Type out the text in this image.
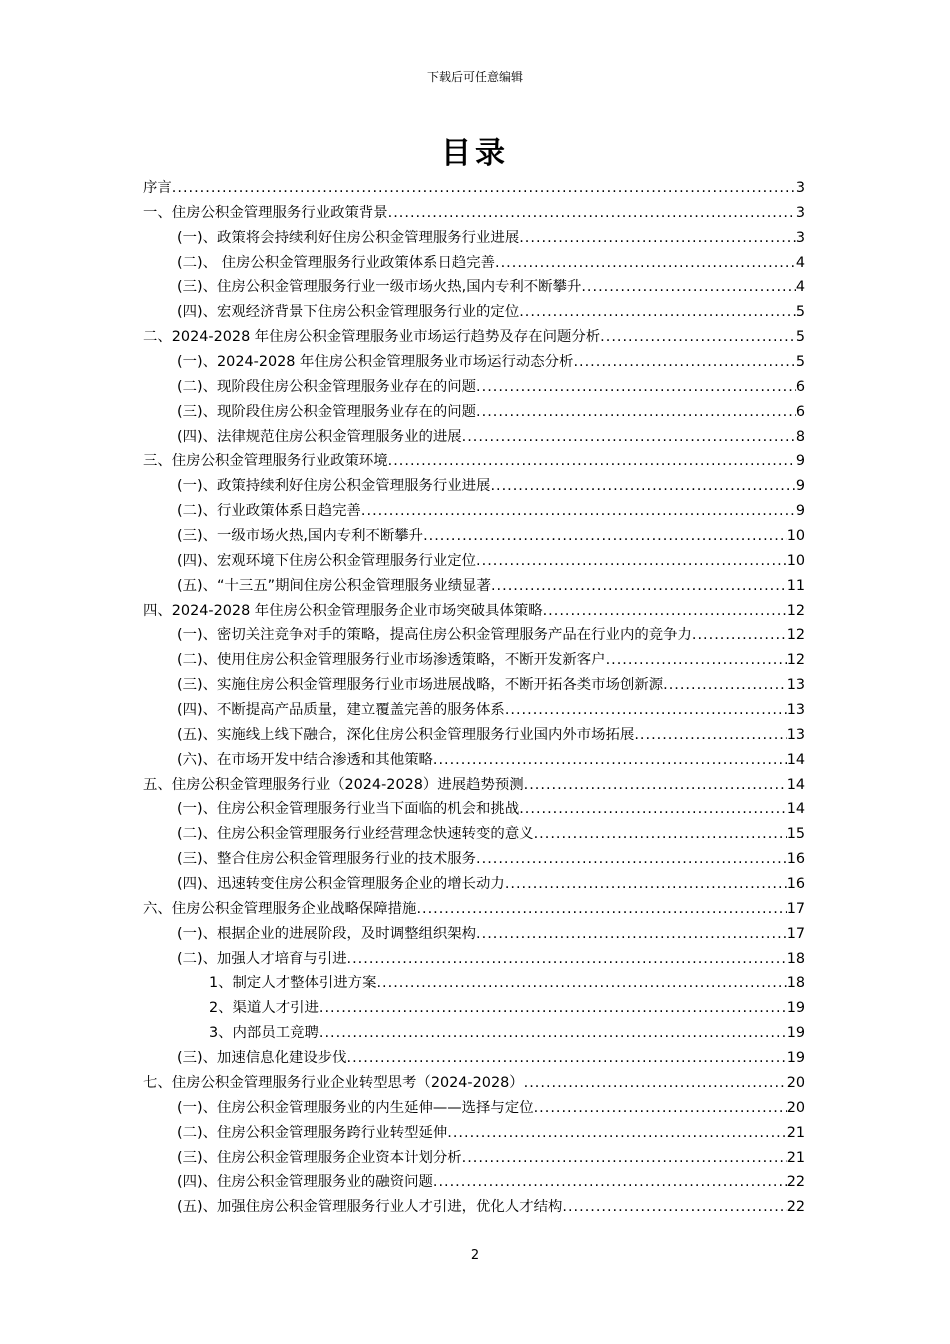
下载后可任意编辑
目录
序言 .....	3
一、住房公积金管理服务行业政策背景 .....	3
(一)、政策将会持续利好住房公积金管理服务行业进展 .....	3
(二)、 住房公积金管理服务行业政策体系日趋完善 .....	4
(三)、住房公积金管理服务行业一级市场火热,国内专利不断攀升 .....	4
(四)、宏观经济背景下住房公积金管理服务行业的定位 .....	5
二、2024-2028 年住房公积金管理服务业市场运行趋势及存在问题分析 .....	5
(一)、2024-2028 年住房公积金管理服务业市场运行动态分析 .....	5
(二)、现阶段住房公积金管理服务业存在的问题 .....	6
(三)、现阶段住房公积金管理服务业存在的问题 .....	6
(四)、法律规范住房公积金管理服务业的进展 .....	8
三、住房公积金管理服务行业政策环境 .....	9
(一)、政策持续利好住房公积金管理服务行业进展 .....	9
(二)、行业政策体系日趋完善 .....	9
(三)、一级市场火热,国内专利不断攀升 .....	10
(四)、宏观环境下住房公积金管理服务行业定位 .....	10
(五)、“十三五”期间住房公积金管理服务业绩显著 .....	11
四、2024-2028 年住房公积金管理服务企业市场突破具体策略 .....	12
(一)、密切关注竞争对手的策略，提高住房公积金管理服务产品在行业内的竞争力 .....	12
(二)、使用住房公积金管理服务行业市场渗透策略，不断开发新客户 .....	12
(三)、实施住房公积金管理服务行业市场进展战略，不断开拓各类市场创新源 .....	13
(四)、不断提高产品质量，建立覆盖完善的服务体系 .....	13
(五)、实施线上线下融合，深化住房公积金管理服务行业国内外市场拓展 .....	13
(六)、在市场开发中结合渗透和其他策略 .....	14
五、住房公积金管理服务行业（2024-2028）进展趋势预测 .....	14
(一)、住房公积金管理服务行业当下面临的机会和挑战 .....	14
(二)、住房公积金管理服务行业经营理念快速转变的意义 .....	15
(三)、整合住房公积金管理服务行业的技术服务 .....	16
(四)、迅速转变住房公积金管理服务企业的增长动力 .....	16
六、住房公积金管理服务企业战略保障措施 .....	17
(一)、根据企业的进展阶段，及时调整组织架构 .....	17
(二)、加强人才培育与引进 .....	18
1、制定人才整体引进方案 .....	18
2、渠道人才引进 .....	19
3、内部员工竞聘 .....	19
(三)、加速信息化建设步伐 .....	19
七、住房公积金管理服务行业企业转型思考（2024-2028） .....	20
(一)、住房公积金管理服务业的内生延伸——选择与定位 .....	20
(二)、住房公积金管理服务跨行业转型延伸 .....	21
(三)、住房公积金管理服务企业资本计划分析 .....	21
(四)、住房公积金管理服务业的融资问题 .....	22
(五)、加强住房公积金管理服务行业人才引进，优化人才结构 .....	22
2
